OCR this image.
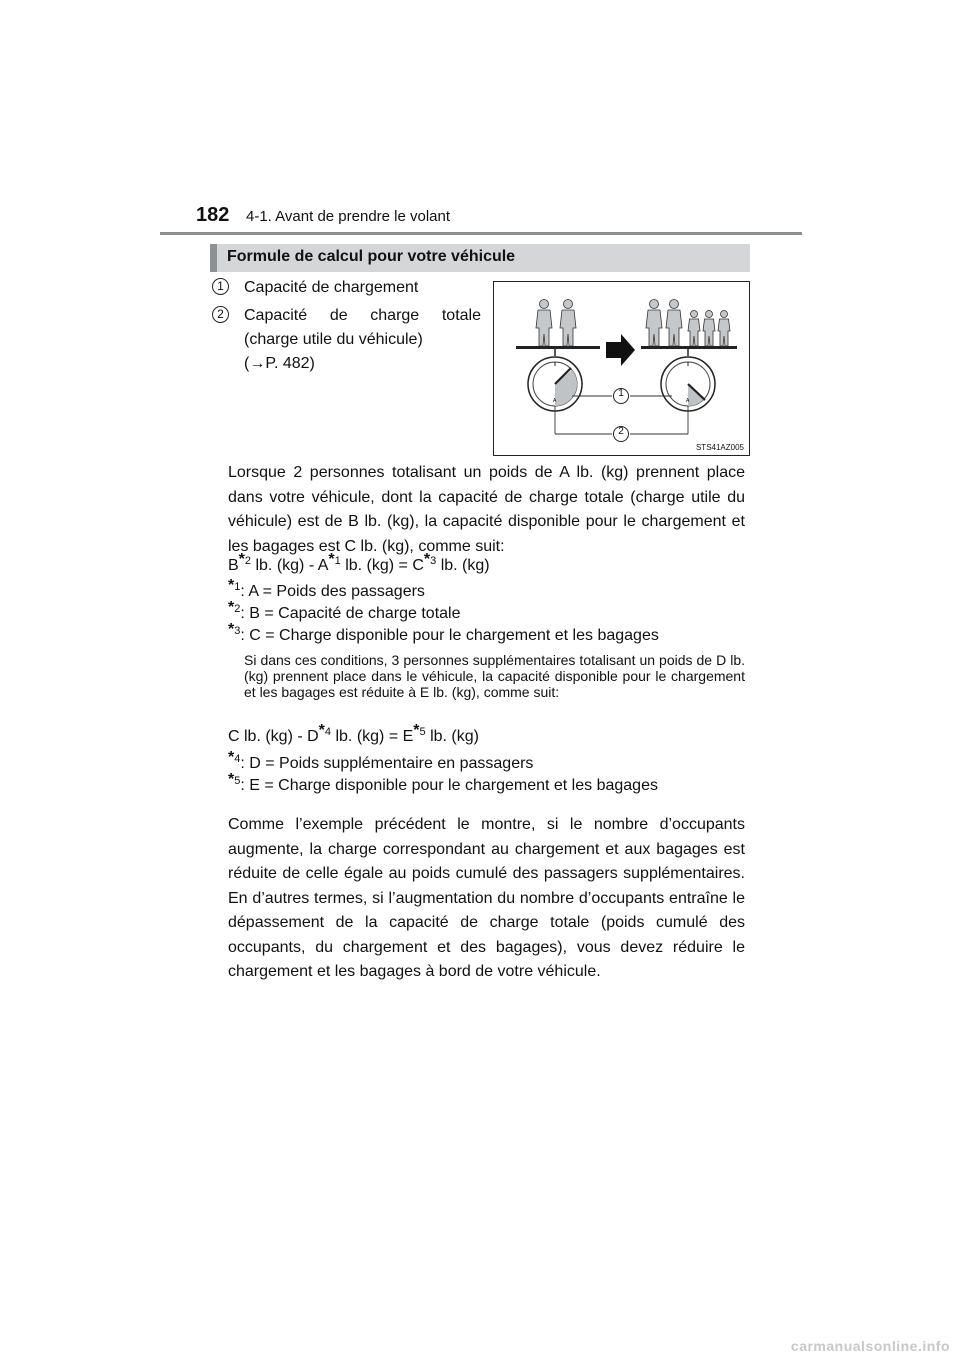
182 4-1. Avant de prendre le volant
Formule de calcul pour votre véhicule
1	Capacité de chargement
2	Capacité de charge totale
(charge utile du véhicule)
(→P. 482)
A	A
1
2
STS41AZ005
Lorsque 2 personnes totalisant un poids de A lb. (kg) prennent place dans votre véhicule, dont la capacité de charge totale (charge utile du véhicule) est de B lb. (kg), la capacité disponible pour le chargement et les bagages est C lb. (kg), comme suit:
$B^{*2}$ lb. $(kg) - A^{*1}$ lb. $(kg) = C^{*3}$ lb. (kg)
$^{*1}$: A = Poids des passagers
$^{*2}$: B = Capacité de charge totale
$^{*3}$: C = Charge disponible pour le chargement et les bagages
Si dans ces conditions, 3 personnes supplémentaires totalisant un poids de D lb. (kg) prennent place dans le véhicule, la capacité disponible pour le chargement et les bagages est réduite à E lb. (kg), comme suit:
C lb. $(kg) - D^{*4}$ lb. $(kg) = E^{*5}$ lb. (kg)
$^{*4}$: D = Poids supplémentaire en passagers
$^{*5}$: E = Charge disponible pour le chargement et les bagages
Comme l’exemple précédent le montre, si le nombre d’occupants augmente, la charge correspondant au chargement et aux bagages est réduite de celle égale au poids cumulé des passagers supplémentaires. En d’autres termes, si l’augmentation du nombre d’occupants entraîne le dépassement de la capacité de charge totale (poids cumulé des occupants, du chargement et des bagages), vous devez réduire le chargement et les bagages à bord de votre véhicule.
carmanualsonline.info
